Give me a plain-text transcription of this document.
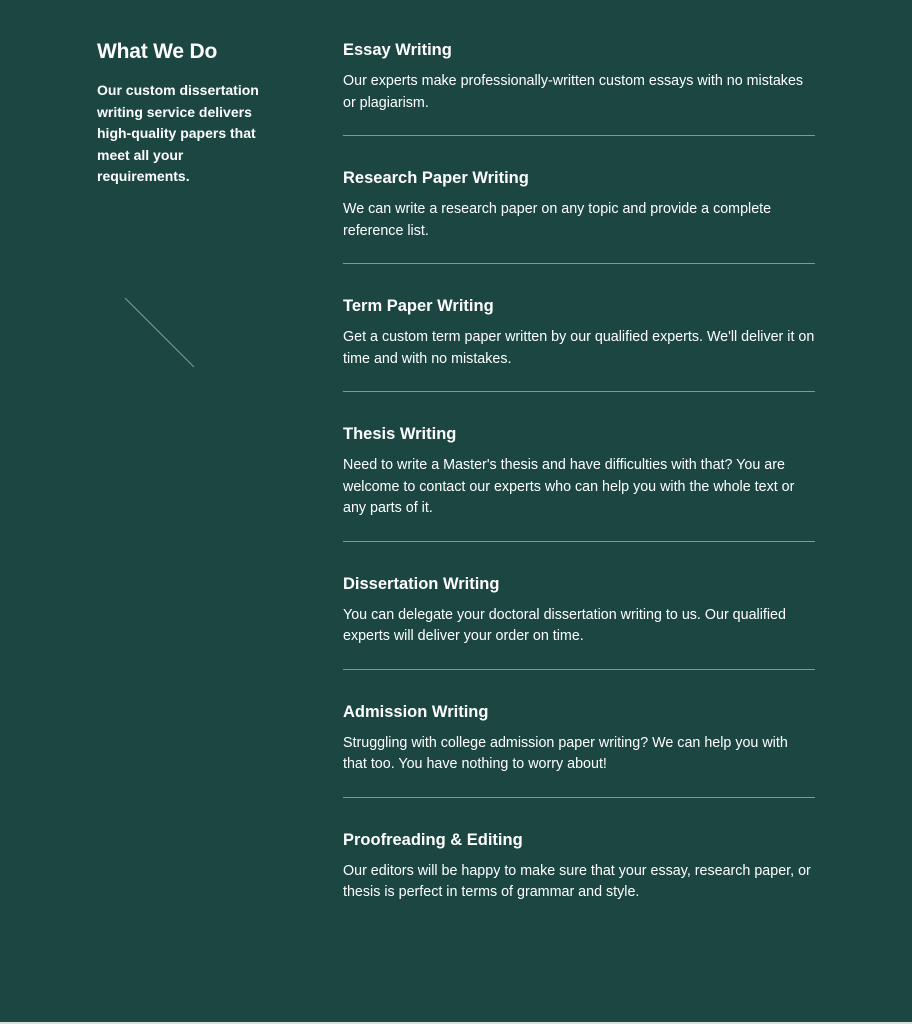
What We Do

Our custom dissertation writing service delivers high-quality papers that meet all your requirements.

Essay Writing

Our experts make professionally-written custom essays with no mistakes or plagiarism.

Research Paper Writing

We can write a research paper on any topic and provide a complete reference list.

Term Paper Writing

Get a custom term paper written by our qualified experts. We'll deliver it on time and with no mistakes.

Thesis Writing

Need to write a Master's thesis and have difficulties with that? You are welcome to contact our experts who can help you with the whole text or any parts of it.

Dissertation Writing

You can delegate your doctoral dissertation writing to us. Our qualified experts will deliver your order on time.

Admission Writing

Struggling with college admission paper writing? We can help you with that too. You have nothing to worry about!

Proofreading & Editing

Our editors will be happy to make sure that your essay, research paper, or thesis is perfect in terms of grammar and style.
